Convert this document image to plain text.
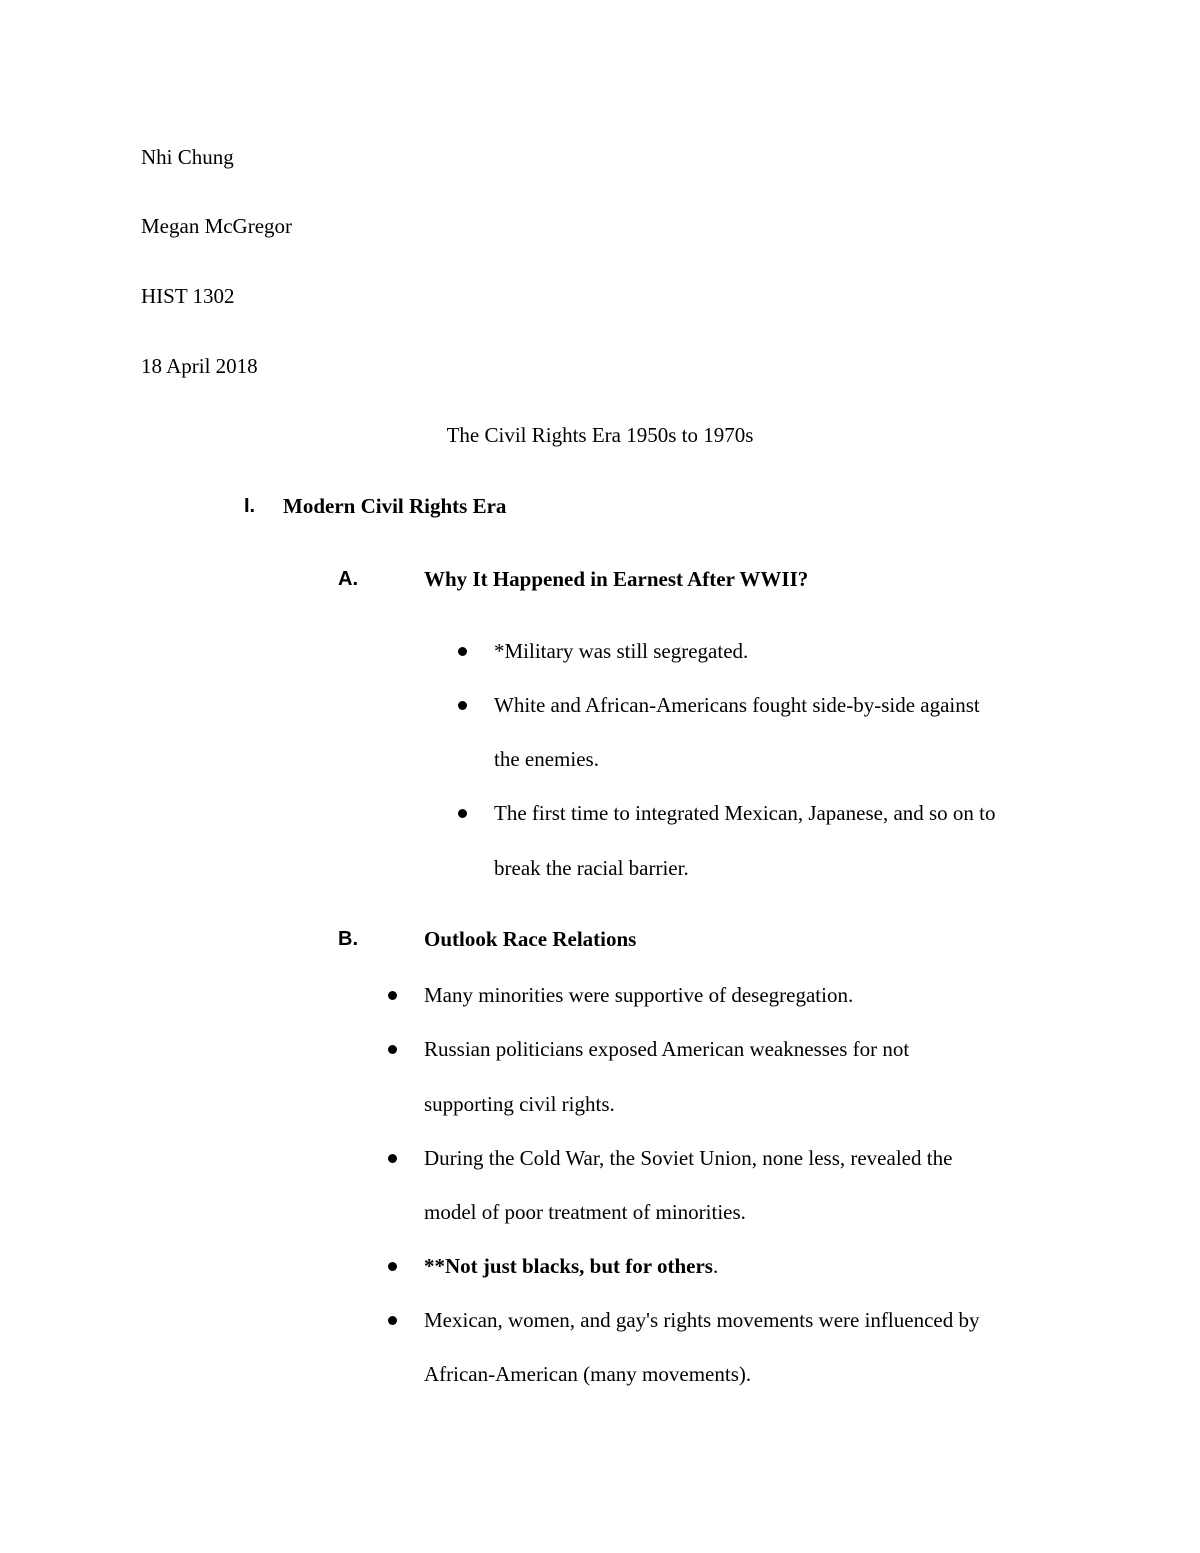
Nhi Chung
Megan McGregor
HIST 1302
18 April 2018
The Civil Rights Era 1950s to 1970s
I. Modern Civil Rights Era
A.	Why It Happened in Earnest After WWII?
*Military was still segregated.
White and African-Americans fought side-by-side against
the enemies.
The first time to integrated Mexican, Japanese, and so on to
break the racial barrier.
B.	Outlook Race Relations
Many minorities were supportive of desegregation.
Russian politicians exposed American weaknesses for not
supporting civil rights.
During the Cold War, the Soviet Union, none less, revealed the
model of poor treatment of minorities.
**Not just blacks, but for others.
Mexican, women, and gay's rights movements were influenced by
African-American (many movements).
